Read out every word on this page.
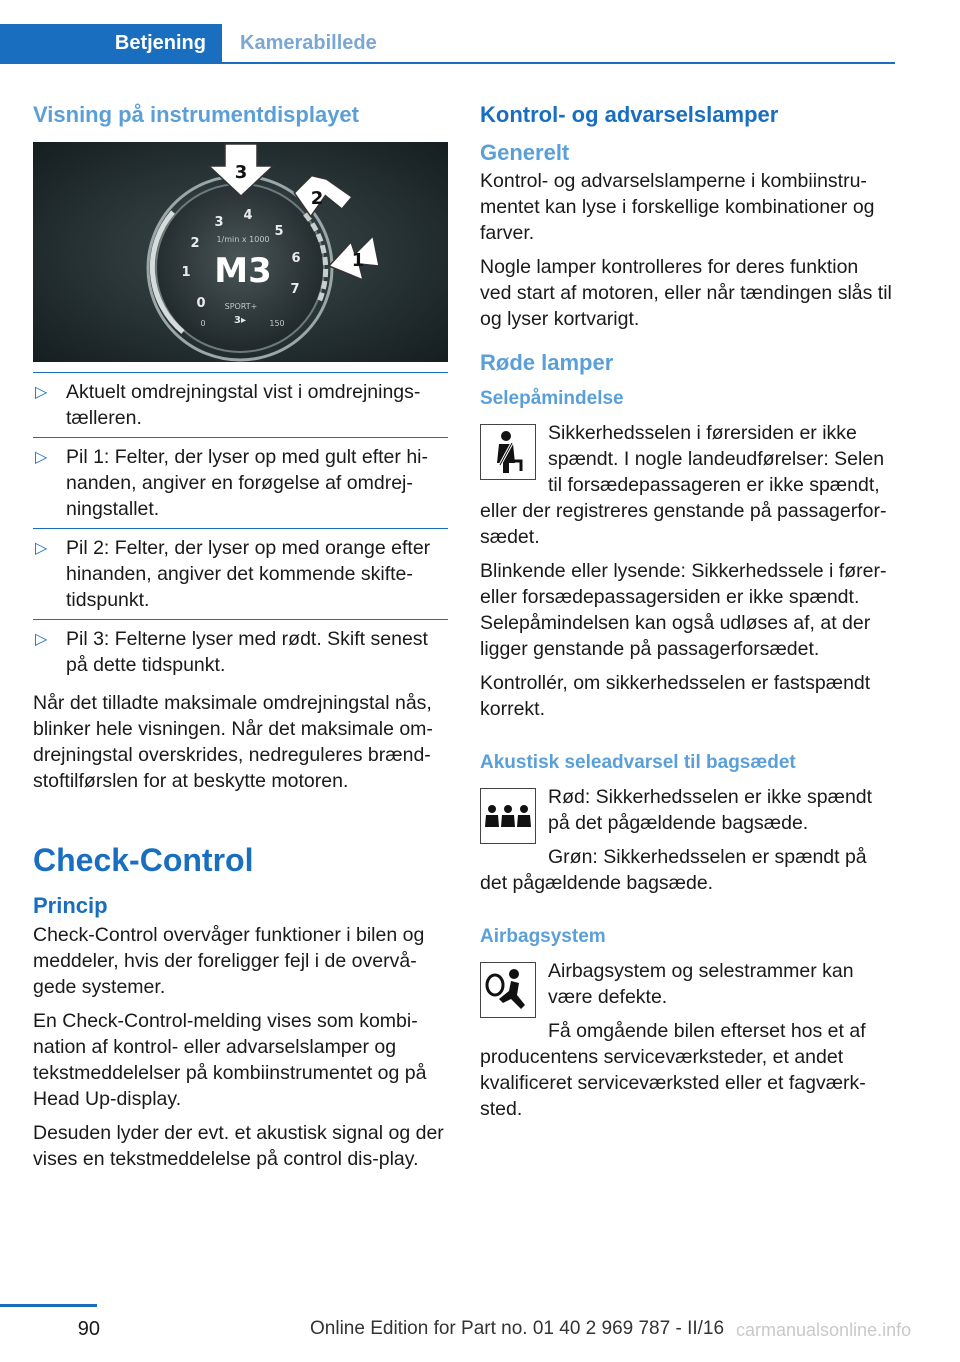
Betjening	Kamerabillede
Visning på instrumentdisplayet
0
1
2
3 4
5
6
7
1/min x 1000
M3
SPORT+
3▸
0	150
3
2
1
▷ Aktuelt omdrejningstal vist i omdrejnings-tælleren.
▷ Pil 1: Felter, der lyser op med gult efter hi-nanden, angiver en forøgelse af omdrej-ningstallet.
▷ Pil 2: Felter, der lyser op med orange efter hinanden, angiver det kommende skifte-tidspunkt.
▷ Pil 3: Felterne lyser med rødt. Skift senest på dette tidspunkt.

Når det tilladte maksimale omdrejningstal nås, blinker hele visningen. Når det maksimale om-drejningstal overskrides, nedreguleres brænd-stoftilførslen for at beskytte motoren.

Check-Control
Princip

Check-Control overvåger funktioner i bilen og meddeler, hvis der foreligger fejl i de overvå-gede systemer.

En Check-Control-melding vises som kombi-nation af kontrol- eller advarselslamper og tekstmeddelelser på kombiinstrumentet og på Head Up-display.

Desuden lyder der evt. et akustisk signal og der vises en tekstmeddelelse på control dis-play.

Kontrol- og advarselslamper
Generelt

Kontrol- og advarselslamperne i kombiinstru-mentet kan lyse i forskellige kombinationer og farver.

Nogle lamper kontrolleres for deres funktion ved start af motoren, eller når tændingen slås til og lyser kortvarigt.

Røde lamper
Selepåmindelse

Sikkerhedsselen i førersiden er ikke spændt. I nogle landeudførelser: Selen til forsædepassageren er ikke spændt, eller der registreres genstande på passagerfor-sædet.

Blinkende eller lysende: Sikkerhedssele i fører-eller forsædepassagersiden er ikke spændt. Selepåmindelsen kan også udløses af, at der ligger genstande på passagerforsædet.

Kontrollér, om sikkerhedsselen er fastspændt korrekt.

Akustisk seleadvarsel til bagsædet

Rød: Sikkerhedsselen er ikke spændt på det pågældende bagsæde.

Grøn: Sikkerhedsselen er spændt på det pågældende bagsæde.

Airbagsystem

Airbagsystem og selestrammer kan være defekte.

Få omgående bilen efterset hos et af producentens serviceværksteder, et andet kvalificeret serviceværksted eller et fagværk-sted.

90	Online Edition for Part no. 01 40 2 969 787 - II/16 carmanualsonline.info
